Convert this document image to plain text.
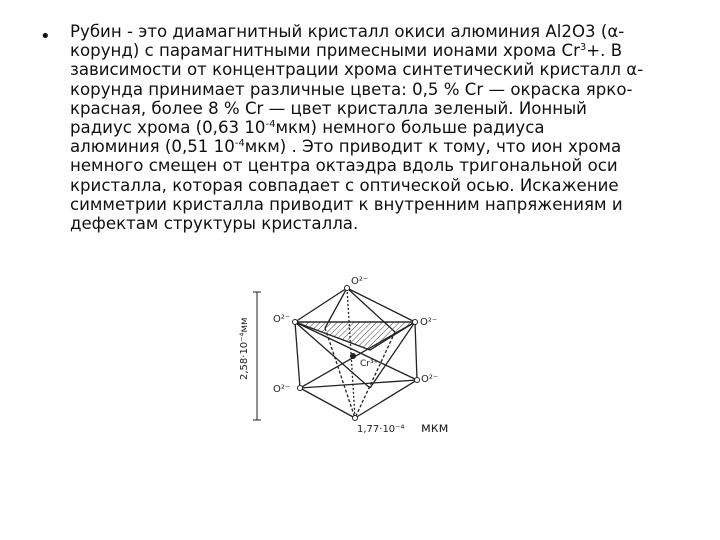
• Рубин - это диамагнитный кристалл окиси алюминия Al2O3 (α-
корунд) с парамагнитными примесными ионами хрома $Cr^3+$. В
зависимости от концентрации хрома синтетический кристалл α-
корунда принимает различные цвета: 0,5 % Cr — окраска ярко-
красная, более 8 % Cr — цвет кристалла зеленый. Ионный
радиус хрома (0,63 $10^{-4}мкм$) немного больше радиуса
алюминия (0,51 $10^{-4}мкм$) . Это приводит к тому, что ион хрома
немного смещен от центра октаэдра вдоль тригональной оси
кристалла, которая совпадает с оптической осью. Искажение
симметрии кристалла приводит к внутренним напряжениям и
дефектам структуры кристалла.
2,58·10⁻⁴мм
O²⁻
O²⁻	O²⁻
Cr³⁺
O²⁻
O²⁻
1,77·10⁻⁴ мкм
